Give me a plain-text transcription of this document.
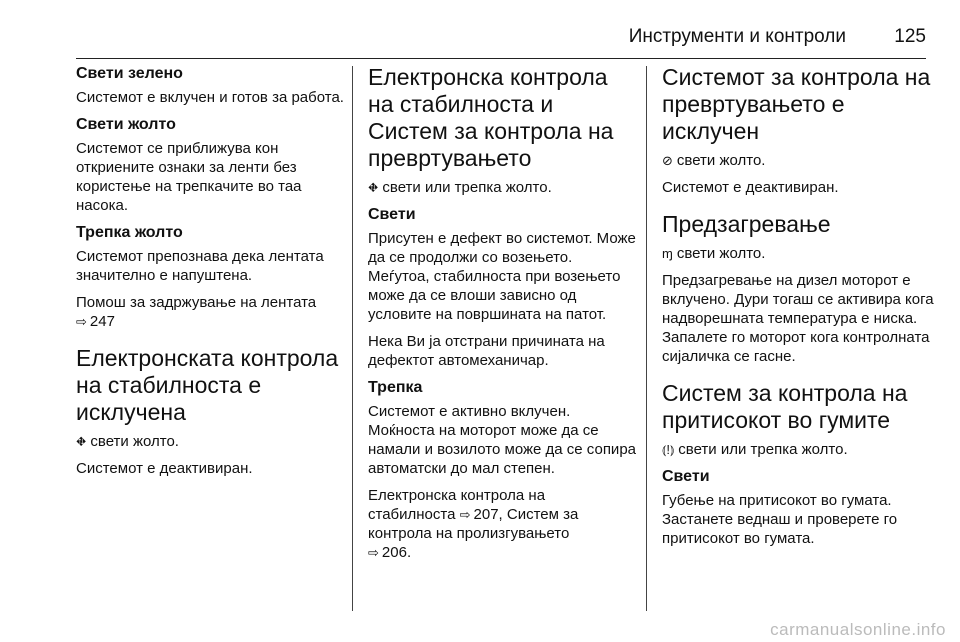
Инструменти и контроли	125
Свети зелено

Системот е вклучен и готов за работа.

Свети жолто

Системот се приближува кон откриените ознаки за ленти без користење на трепкачите во таа насока.

Трепка жолто

Системот препознава дека лентата значително е напуштена.

Помош за задржување на лентата
⇨ 247

Електронската контрола на стабилноста е исклучена

⛖ свети жолто.

Системот е деактивиран.

Електронска контрола на стабилноста и Систем за контрола на превртувањето

⛖ свети или трепка жолто.

Свети

Присутен е дефект во системот. Може да се продолжи со возењето. Меѓутоа, стабилноста при возењето може да се влоши зависно од условите на површината на патот.

Нека Ви ја отстрани причината на дефектот автомеханичар.

Трепка

Системот е активно вклучен. Моќноста на моторот може да се намали и возилото може да се сопира автоматски до мал степен.

Електронска контрола на стабилноста ⇨ 207, Систем за контрола на пролизгувањето
⇨ 206.

Системот за контрола на превртувањето е исклучен

⊘ свети жолто.

Системот е деактивиран.

Предзагревање

ɱ свети жолто.

Предзагревање на дизел моторот е вклучено. Дури тогаш се активира кога надворешната температура е ниска. Запалете го моторот кога контролната сијаличка се гасне.

Систем за контрола на притисокот во гумите

⦅!⦆ свети или трепка жолто.

Свети

Губење на притисокот во гумата. Застанете веднаш и проверете го притисокот во гумата.

carmanualsonline.info
